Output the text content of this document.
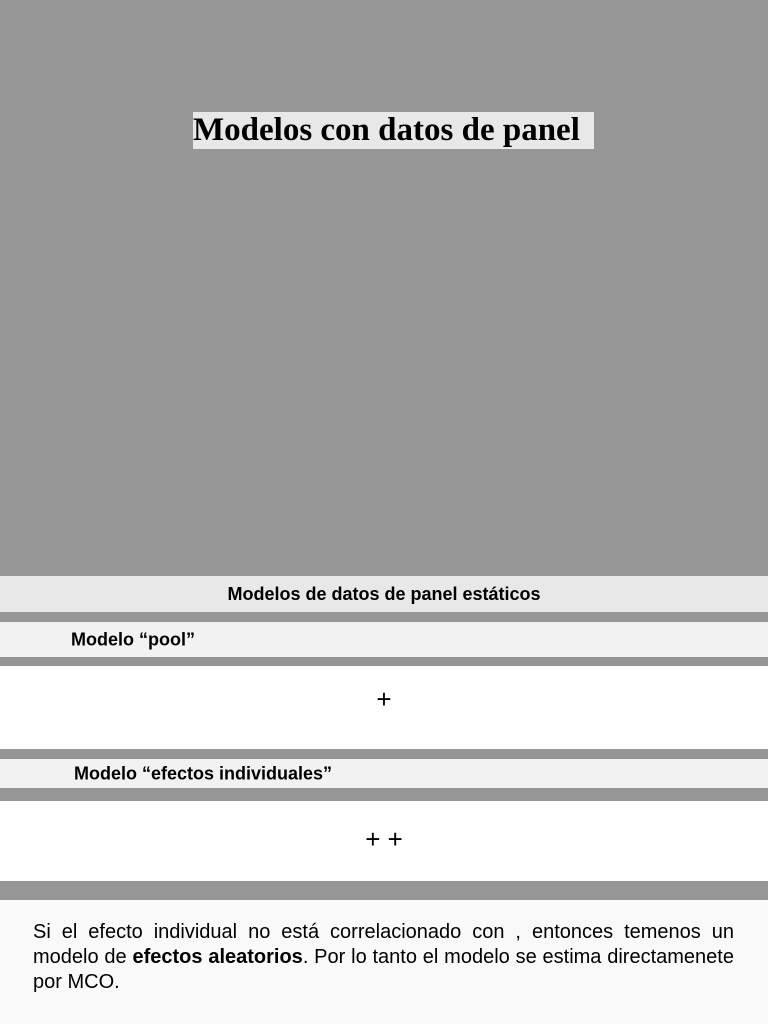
Modelos con datos de panel
Modelos de datos de panel estáticos
Modelo “pool”
+
Modelo “efectos individuales”
+ +
Si el efecto individual no está correlacionado con , entonces temenos un modelo de efectos aleatorios. Por lo tanto el modelo se estima directamenete por MCO.
